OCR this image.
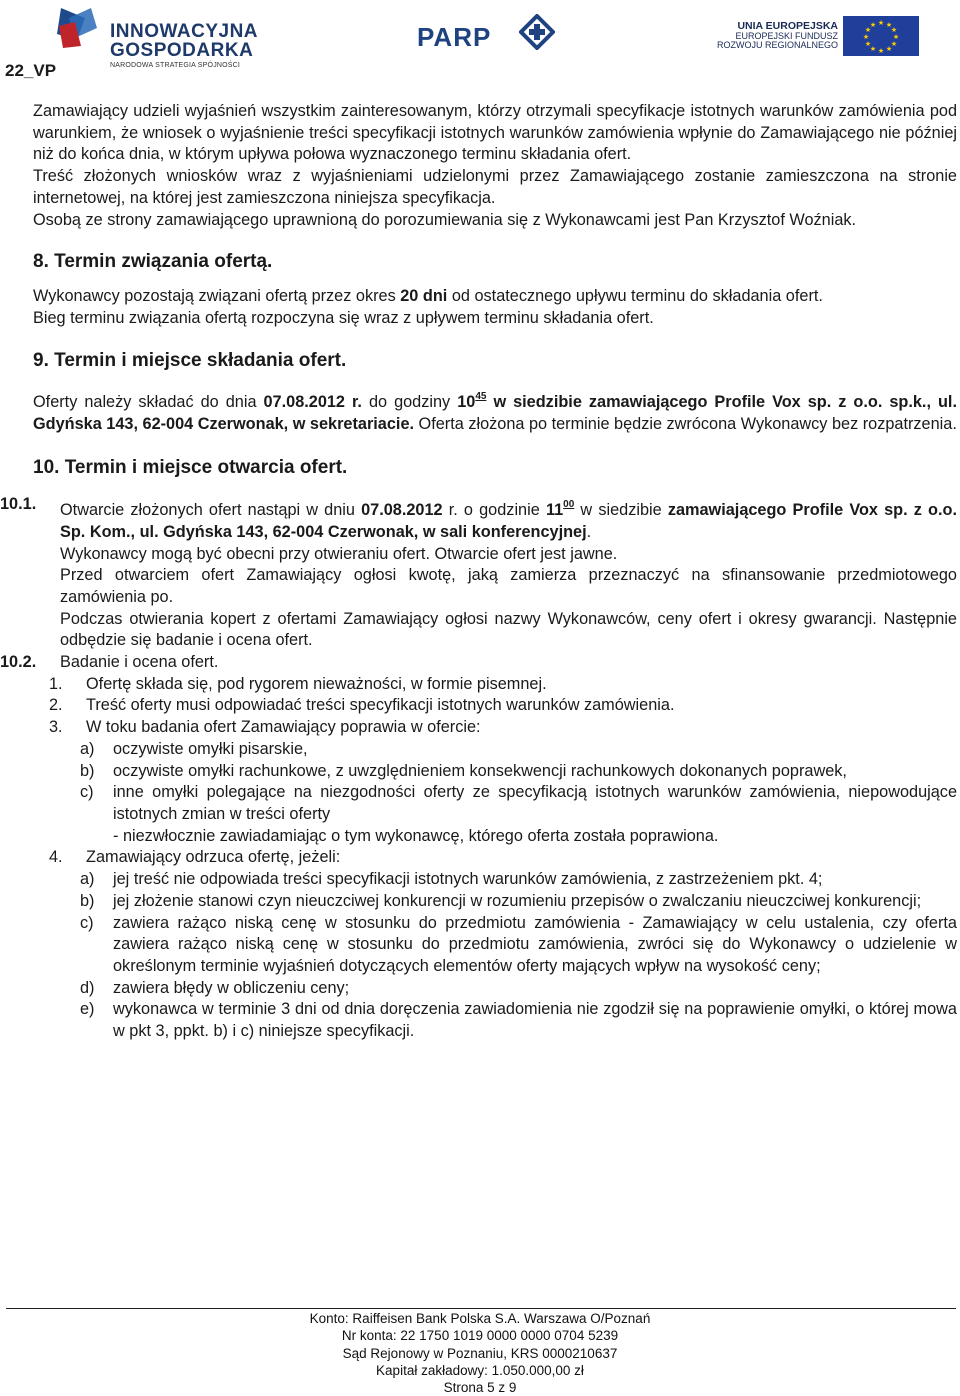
INNOWACYJNA
GOSPODARKA
NARODOWA STRATEGIA SPÓJNOŚCI
PARP	UNIA EUROPEJSKA
EUROPEJSKI FUNDUSZ
ROZWOJU REGIONALNEGO
★ ★
★
★
★
★
★
★
★
★
★
★
22_VP

Zamawiający udzieli wyjaśnień wszystkim zainteresowanym, którzy otrzymali specyfikacje istotnych warunków zamówienia pod warunkiem, że wniosek o wyjaśnienie treści specyfikacji istotnych warunków zamówienia wpłynie do Zamawiającego nie później niż do końca dnia, w którym upływa połowa wyznaczonego terminu składania ofert.

Treść złożonych wniosków wraz z wyjaśnieniami udzielonymi przez Zamawiającego zostanie zamieszczona na stronie internetowej, na której jest zamieszczona niniejsza specyfikacja.

Osobą ze strony zamawiającego uprawnioną do porozumiewania się z Wykonawcami jest Pan Krzysztof Woźniak.

8. Termin związania ofertą.

Wykonawcy pozostają związani ofertą przez okres 20 dni od ostatecznego upływu terminu do składania ofert.

Bieg terminu związania ofertą rozpoczyna się wraz z upływem terminu składania ofert.

9. Termin i miejsce składania ofert.

Oferty należy składać do dnia 07.08.2012 r. do godziny $10^{45}$ w siedzibie zamawiającego Profile Vox sp. z o.o. sp.k., ul. Gdyńska 143, 62-004 Czerwonak, w sekretariacie. Oferta złożona po terminie będzie zwrócona Wykonawcy bez rozpatrzenia.

10. Termin i miejsce otwarcia ofert.

10.1. Otwarcie złożonych ofert nastąpi w dniu 07.08.2012 r. o godzinie $11^{00}$ w siedzibie zamawiającego Profile Vox sp. z o.o. Sp. Kom., ul. Gdyńska 143, 62-004 Czerwonak, w sali konferencyjnej.

Wykonawcy mogą być obecni przy otwieraniu ofert. Otwarcie ofert jest jawne.

Przed otwarciem ofert Zamawiający ogłosi kwotę, jaką zamierza przeznaczyć na sfinansowanie przedmiotowego zamówienia po.

Podczas otwierania kopert z ofertami Zamawiający ogłosi nazwy Wykonawców, ceny ofert i okresy gwarancji. Następnie odbędzie się badanie i ocena ofert.

10.2. Badanie i ocena ofert.

1. Ofertę składa się, pod rygorem nieważności, w formie pisemnej.

2. Treść oferty musi odpowiadać treści specyfikacji istotnych warunków zamówienia.

3. W toku badania ofert Zamawiający poprawia w ofercie:

a) oczywiste omyłki pisarskie,

b) oczywiste omyłki rachunkowe, z uwzględnieniem konsekwencji rachunkowych dokonanych poprawek,

c) inne omyłki polegające na niezgodności oferty ze specyfikacją istotnych warunków zamówienia, niepowodujące istotnych zmian w treści oferty

- niezwłocznie zawiadamiając o tym wykonawcę, którego oferta została poprawiona.

4. Zamawiający odrzuca ofertę, jeżeli:

a) jej treść nie odpowiada treści specyfikacji istotnych warunków zamówienia, z zastrzeżeniem pkt. 4;

b) jej złożenie stanowi czyn nieuczciwej konkurencji w rozumieniu przepisów o zwalczaniu nieuczciwej konkurencji;

c) zawiera rażąco niską cenę w stosunku do przedmiotu zamówienia - Zamawiający w celu ustalenia, czy oferta zawiera rażąco niską cenę w stosunku do przedmiotu zamówienia, zwróci się do Wykonawcy o udzielenie w określonym terminie wyjaśnień dotyczących elementów oferty mających wpływ na wysokość ceny;

d) zawiera błędy w obliczeniu ceny;

e) wykonawca w terminie 3 dni od dnia doręczenia zawiadomienia nie zgodził się na poprawienie omyłki, o której mowa w pkt 3, ppkt. b) i c) niniejsze specyfikacji.

Konto: Raiffeisen Bank Polska S.A. Warszawa O/Poznań
Nr konta: 22 1750 1019 0000 0000 0704 5239
Sąd Rejonowy w Poznaniu, KRS 0000210637
Kapitał zakładowy: 1.050.000,00 zł
Strona 5 z 9
